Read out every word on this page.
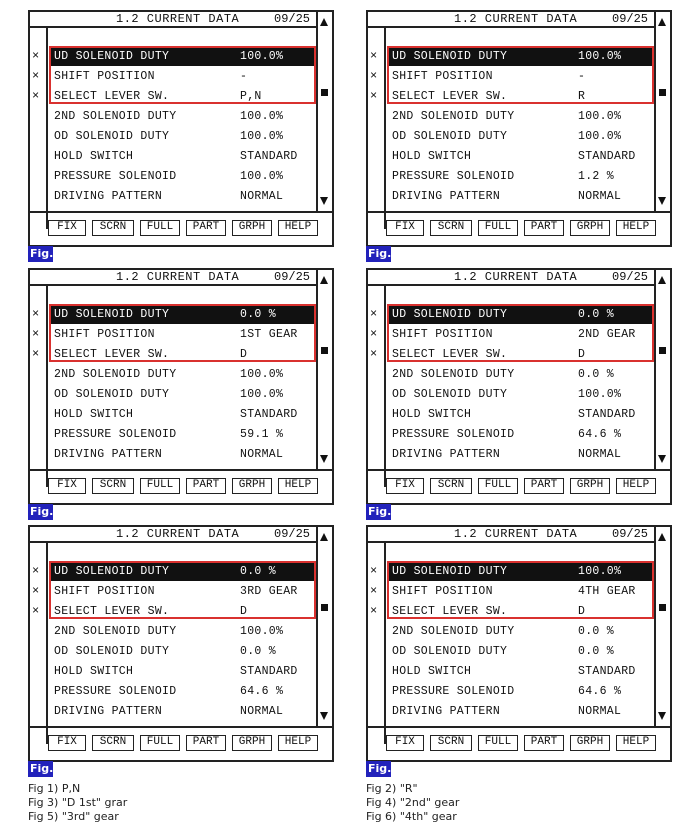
1.2 CURRENT DATA	09/25
UD SOLENOID DUTY	100.0%
×
SHIFT POSITION	-
×
SELECT LEVER SW.	P,N
×
2ND SOLENOID DUTY	100.0%
OD SOLENOID DUTY	100.0%
HOLD SWITCH	STANDARD
PRESSURE SOLENOID	100.0%
DRIVING PATTERN	NORMAL
FIX	SCRN	FULL	PART	GRPH	HELP
Fig.1
1.2 CURRENT DATA	09/25
UD SOLENOID DUTY	100.0%
×
SHIFT POSITION	-
×
SELECT LEVER SW.	R
×
2ND SOLENOID DUTY	100.0%
OD SOLENOID DUTY	100.0%
HOLD SWITCH	STANDARD
PRESSURE SOLENOID	1.2 %
DRIVING PATTERN	NORMAL
FIX	SCRN	FULL	PART	GRPH	HELP
Fig.2
1.2 CURRENT DATA	09/25
UD SOLENOID DUTY	0.0 %
×
SHIFT POSITION	1ST GEAR
×
SELECT LEVER SW.	D
×
2ND SOLENOID DUTY	100.0%
OD SOLENOID DUTY	100.0%
HOLD SWITCH	STANDARD
PRESSURE SOLENOID	59.1 %
DRIVING PATTERN	NORMAL
FIX	SCRN	FULL	PART	GRPH	HELP
Fig.3
1.2 CURRENT DATA	09/25
UD SOLENOID DUTY	0.0 %
×
SHIFT POSITION	2ND GEAR
×
SELECT LEVER SW.	D
×
2ND SOLENOID DUTY	0.0 %
OD SOLENOID DUTY	100.0%
HOLD SWITCH	STANDARD
PRESSURE SOLENOID	64.6 %
DRIVING PATTERN	NORMAL
FIX	SCRN	FULL	PART	GRPH	HELP
Fig.4
1.2 CURRENT DATA	09/25
UD SOLENOID DUTY	0.0 %
×
SHIFT POSITION	3RD GEAR
×
SELECT LEVER SW.	D
×
2ND SOLENOID DUTY	100.0%
OD SOLENOID DUTY	0.0 %
HOLD SWITCH	STANDARD
PRESSURE SOLENOID	64.6 %
DRIVING PATTERN	NORMAL
FIX	SCRN	FULL	PART	GRPH	HELP
Fig.5
1.2 CURRENT DATA	09/25
UD SOLENOID DUTY	100.0%
×
SHIFT POSITION	4TH GEAR
×
SELECT LEVER SW.	D
×
2ND SOLENOID DUTY	0.0 %
OD SOLENOID DUTY	0.0 %
HOLD SWITCH	STANDARD
PRESSURE SOLENOID	64.6 %
DRIVING PATTERN	NORMAL
FIX	SCRN	FULL	PART	GRPH	HELP
Fig.6
Fig 1) P,N
Fig 3) "D 1st" grar
Fig 5) "3rd" gear
Fig 2) "R"
Fig 4) "2nd" gear
Fig 6) "4th" gear
